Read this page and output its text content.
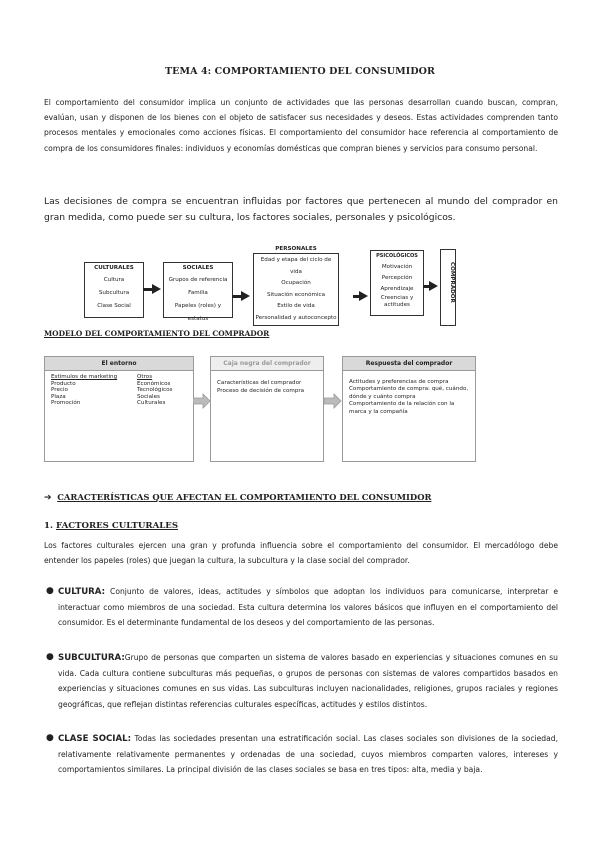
TEMA 4: COMPORTAMIENTO DEL CONSUMIDOR
El comportamiento del consumidor implica un conjunto de actividades que las personas desarrollan cuando buscan, compran, evalúan, usan y disponen de los bienes con el objeto de satisfacer sus necesidades y deseos. Estas actividades comprenden tanto procesos mentales y emocionales como acciones físicas. El comportamiento del consumidor hace referencia al comportamiento de compra de los consumidores finales: individuos y economías domésticas que compran bienes y servicios para consumo personal.
Las decisiones de compra se encuentran influidas por factores que pertenecen al mundo del comprador en gran medida, como puede ser su cultura, los factores sociales, personales y psicológicos.
CULTURALES
Cultura
Subcultura
Clase Social
SOCIALES
Grupos de referencia
Familia
Papeles (roles) y estatus
PERSONALES
Edad y etapa del ciclo de vida
Ocupación
Situación económica
Estilo de vida
Personalidad y autoconcepto
PSICOLÓGICOS
Motivación
Percepción
Aprendizaje
Creencias y actitudes
COMPRADOR
MODELO DEL COMPORTAMIENTO DEL COMPRADOR
El entorno
Estímulos de marketing
Producto
Precio
Plaza
Promoción
Otros
Económicos
Tecnológicos
Sociales
Culturales
Caja negra del comprador
Características del comprador
Proceso de decisión de compra
Respuesta del comprador
Actitudes y preferencias de compra
Comportamiento de compra: qué, cuándo, dónde y cuánto compra
Comportamiento de la relación con la marca y la compañía
➔ CARACTERÍSTICAS QUE AFECTAN EL COMPORTAMIENTO DEL CONSUMIDOR
1. FACTORES CULTURALES
Los factores culturales ejercen una gran y profunda influencia sobre el comportamiento del consumidor. El mercadólogo debe entender los papeles (roles) que juegan la cultura, la subcultura y la clase social del comprador.
● CULTURA: Conjunto de valores, ideas, actitudes y símbolos que adoptan los individuos para comunicarse, interpretar e interactuar como miembros de una sociedad. Esta cultura determina los valores básicos que influyen en el comportamiento del consumidor. Es el determinante fundamental de los deseos y del comportamiento de las personas.
● SUBCULTURA:Grupo de personas que comparten un sistema de valores basado en experiencias y situaciones comunes en su vida. Cada cultura contiene subculturas más pequeñas, o grupos de personas con sistemas de valores compartidos basados en experiencias y situaciones comunes en sus vidas. Las subculturas incluyen nacionalidades, religiones, grupos raciales y regiones geográficas, que reflejan distintas referencias culturales específicas, actitudes y estilos distintos.
● CLASE SOCIAL: Todas las sociedades presentan una estratificación social. Las clases sociales son divisiones de la sociedad, relativamente relativamente permanentes y ordenadas de una sociedad, cuyos miembros comparten valores, intereses y comportamientos similares. La principal división de las clases sociales se basa en tres tipos: alta, media y baja.
